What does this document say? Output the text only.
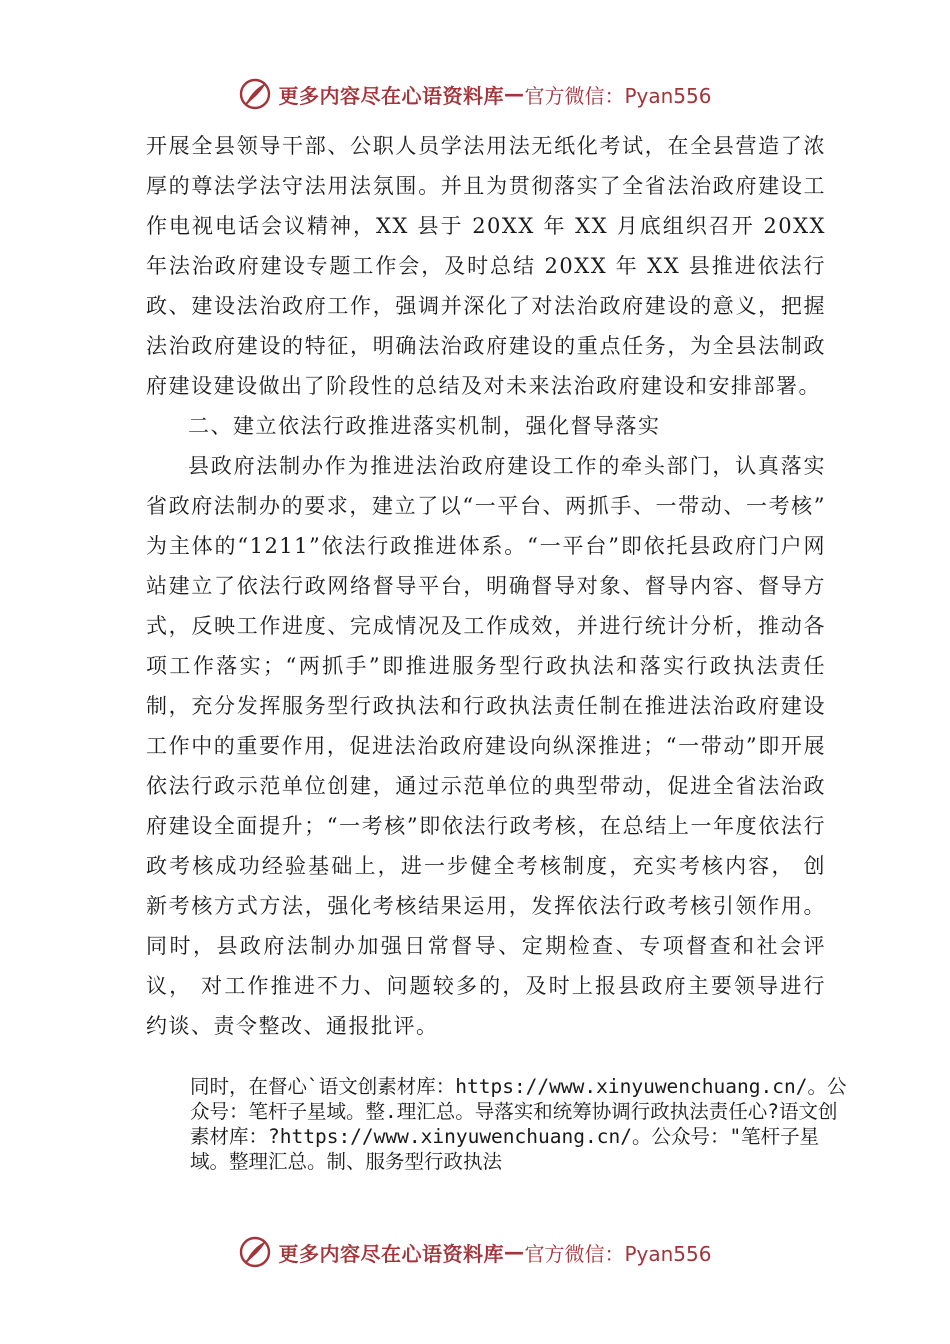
更多内容尽在心语资料库 — 官方微信：Pyan556

开展全县领导干部、公职人员学法用法无纸化考试，在全县营造了浓厚的尊法学法守法用法氛围。并且为贯彻落实了全省法治政府建设工作电视电话会议精神，XX 县于 20XX 年 XX 月底组织召开 20XX 年法治政府建设专题工作会，及时总结 20XX 年 XX 县推进依法行政、建设法治政府工作，强调并深化了对法治政府建设的意义，把握法治政府建设的特征，明确法治政府建设的重点任务，为全县法制政府建设建设做出了阶段性的总结及对未来法治政府建设和安排部署。

二、建立依法行政推进落实机制，强化督导落实

县政府法制办作为推进法治政府建设工作的牵头部门，认真落实省政府法制办的要求，建立了以“一平台、两抓手、一带动、一考核” 为主体的“1211”依法行政推进体系。“一平台”即依托县政府门户网站建立了依法行政网络督导平台，明确督导对象、督导内容、督导方式，反映工作进度、完成情况及工作成效，并进行统计分析，推动各项工作落实；“两抓手”即推进服务型行政执法和落实行政执法责任制，充分发挥服务型行政执法和行政执法责任制在推进法治政府建设工作中的重要作用，促进法治政府建设向纵深推进；“一带动”即开展依法行政示范单位创建，通过示范单位的典型带动，促进全省法治政府建设全面提升；“一考核”即依法行政考核，在总结上一年度依法行政考核成功经验基础上，进一步健全考核制度，充实考核内容， 创新考核方式方法，强化考核结果运用，发挥依法行政考核引领作用。同时，县政府法制办加强日常督导、定期检查、专项督查和社会评议， 对工作推进不力、问题较多的，及时上报县政府主要领导进行约谈、责令整改、通报批评。

同时，在督心`语文创素材库：https://www.xinyuwenchuang.cn/。公众号：笔杆子星域。整.理汇总。导落实和统筹协调行政执法责任心?语文创素材库：?https://www.xinyuwenchuang.cn/。公众号："笔杆子星域。整理汇总。制、服务型行政执法
更多内容尽在心语资料库 — 官方微信：Pyan556
